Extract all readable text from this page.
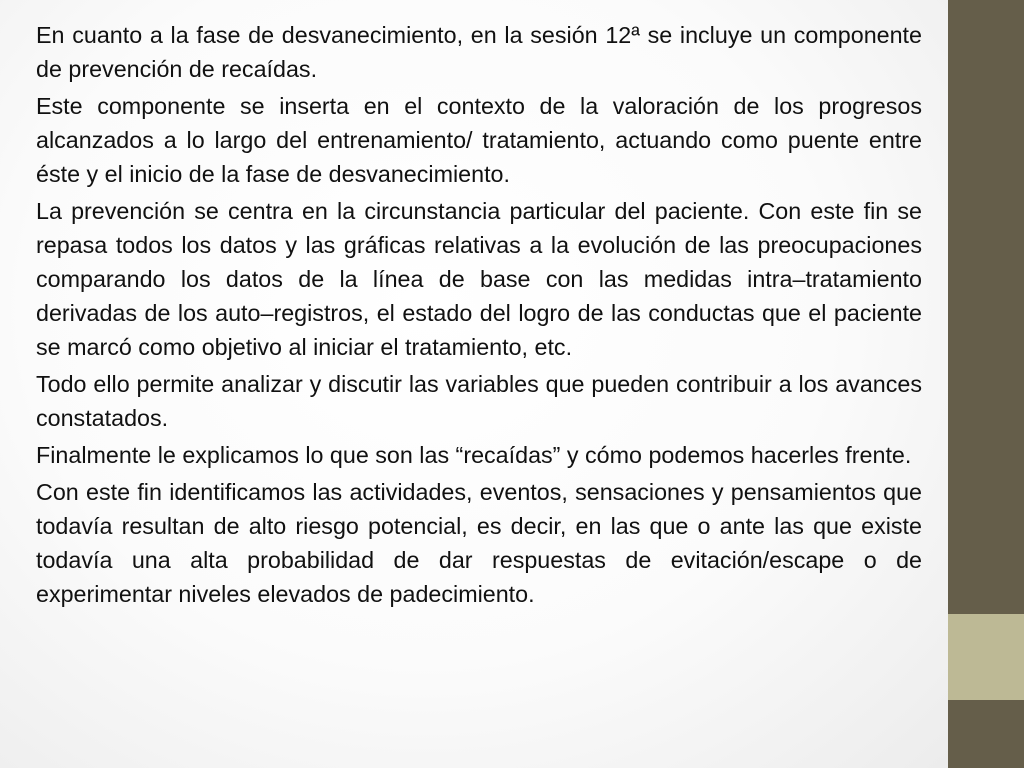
En cuanto a la fase de desvanecimiento, en la sesión 12ª se incluye un componente de prevención de recaídas.

Este componente se inserta en el contexto de la valoración de los progresos alcanzados a lo largo del entrenamiento/ tratamiento, actuando como puente entre éste y el inicio de la fase de desvanecimiento.

La prevención se centra en la circunstancia particular del paciente. Con este fin se repasa todos los datos y las gráficas relativas a la evolución de las preocupaciones comparando los datos de la línea de base con las medidas intra–tratamiento derivadas de los auto–registros, el estado del logro de las conductas que el paciente se marcó como objetivo al iniciar el tratamiento, etc.

Todo ello permite analizar y discutir las variables que pueden contribuir a los avances constatados.

Finalmente le explicamos lo que son las “recaídas” y cómo podemos hacerles frente.

Con este fin identificamos las actividades, eventos, sensaciones y pensamientos que todavía resultan de alto riesgo potencial, es decir, en las que o ante las que existe todavía una alta probabilidad de dar respuestas de evitación/escape o de experimentar niveles elevados de padecimiento.
